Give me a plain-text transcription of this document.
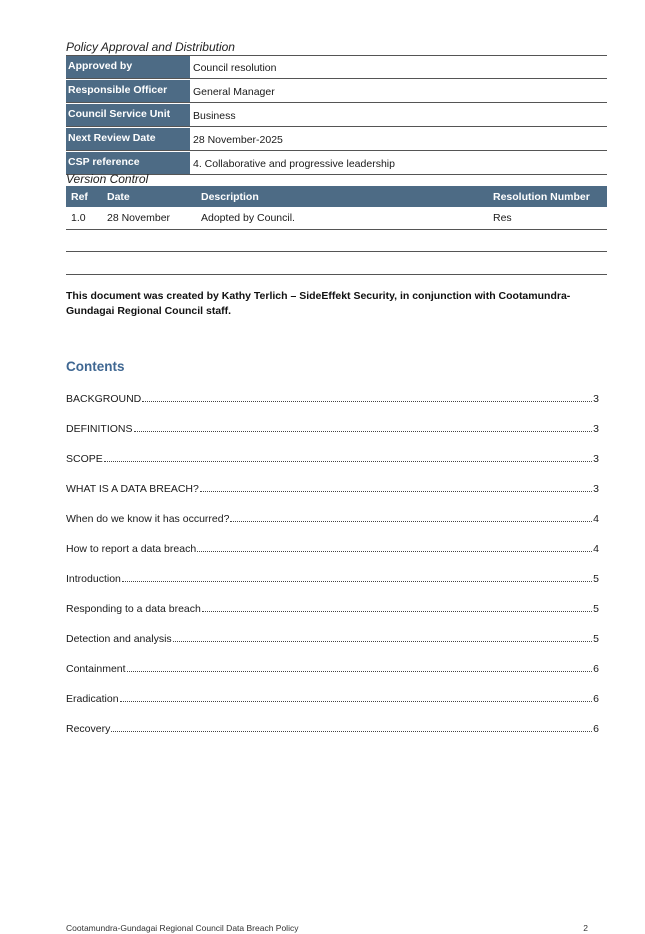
Policy Approval and Distribution
Approved by	Council resolution
Responsible Officer	General Manager
Council Service Unit	Business
Next Review Date	28 November-2025
CSP reference	4. Collaborative and progressive leadership
Version Control
Ref	Date	Description	Resolution Number
1.0	28 November	Adopted by Council.	Res
This document was created by Kathy Terlich – SideEffekt Security, in conjunction with Cootamundra-Gundagai Regional Council staff.
Contents
BACKGROUND	3
DEFINITIONS	3
SCOPE	3
WHAT IS A DATA BREACH?	3
When do we know it has occurred?	4
How to report a data breach	4
Introduction	5
Responding to a data breach	5
Detection and analysis	5
Containment	6
Eradication	6
Recovery	6
Cootamundra-Gundagai Regional Council Data Breach Policy	2
